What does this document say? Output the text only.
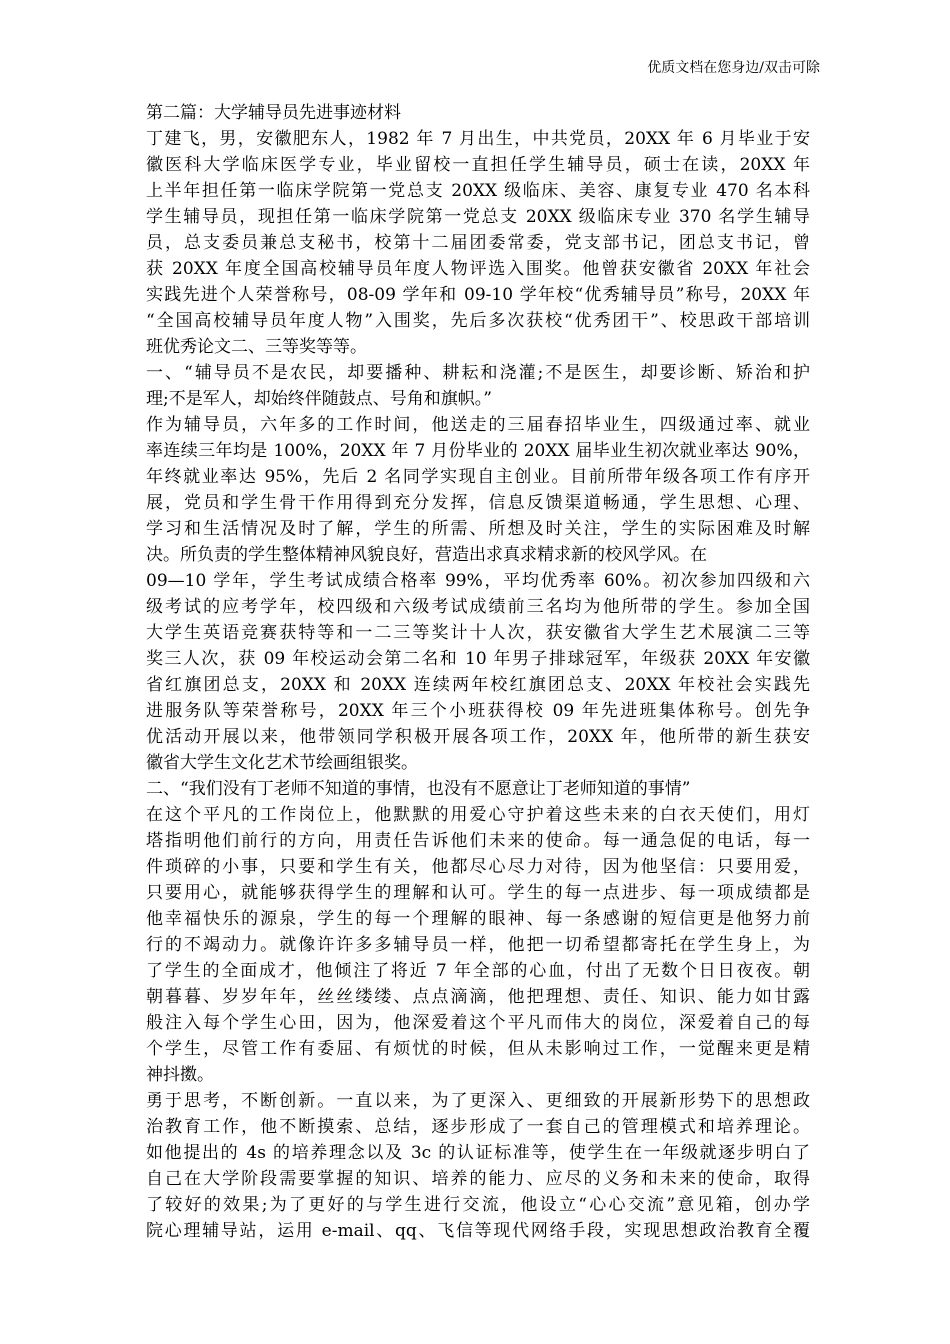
优质文档在您身边/双击可除
第二篇：大学辅导员先进事迹材料
丁建飞，男，安徽肥东人，1982 年 7 月出生，中共党员，20XX 年 6 月毕业于安
徽医科大学临床医学专业，毕业留校一直担任学生辅导员，硕士在读，20XX 年
上半年担任第一临床学院第一党总支 20XX 级临床、美容、康复专业 470 名本科
学生辅导员，现担任第一临床学院第一党总支 20XX 级临床专业 370 名学生辅导
员，总支委员兼总支秘书，校第十二届团委常委，党支部书记，团总支书记，曾
获 20XX 年度全国高校辅导员年度人物评选入围奖。他曾获安徽省 20XX 年社会
实践先进个人荣誉称号，08-09 学年和 09-10 学年校“优秀辅导员”称号，20XX 年
“全国高校辅导员年度人物”入围奖，先后多次获校“优秀团干”、校思政干部培训
班优秀论文二、三等奖等等。
一、“辅导员不是农民，却要播种、耕耘和浇灌;不是医生，却要诊断、矫治和护
理;不是军人，却始终伴随鼓点、号角和旗帜。”
作为辅导员，六年多的工作时间，他送走的三届春招毕业生，四级通过率、就业
率连续三年均是 100%，20XX 年 7 月份毕业的 20XX 届毕业生初次就业率达 90%，
年终就业率达 95%，先后 2 名同学实现自主创业。目前所带年级各项工作有序开
展，党员和学生骨干作用得到充分发挥，信息反馈渠道畅通，学生思想、心理、
学习和生活情况及时了解，学生的所需、所想及时关注，学生的实际困难及时解
决。所负责的学生整体精神风貌良好，营造出求真求精求新的校风学风。在
09—10 学年，学生考试成绩合格率 99%，平均优秀率 60%。初次参加四级和六
级考试的应考学年，校四级和六级考试成绩前三名均为他所带的学生。参加全国
大学生英语竞赛获特等和一二三等奖计十人次，获安徽省大学生艺术展演二三等
奖三人次，获 09 年校运动会第二名和 10 年男子排球冠军，年级获 20XX 年安徽
省红旗团总支，20XX 和 20XX 连续两年校红旗团总支、20XX 年校社会实践先
进服务队等荣誉称号，20XX 年三个小班获得校 09 年先进班集体称号。创先争
优活动开展以来，他带领同学积极开展各项工作，20XX 年，他所带的新生获安
徽省大学生文化艺术节绘画组银奖。
二、“我们没有丁老师不知道的事情，也没有不愿意让丁老师知道的事情”
在这个平凡的工作岗位上，他默默的用爱心守护着这些未来的白衣天使们，用灯
塔指明他们前行的方向，用责任告诉他们未来的使命。每一通急促的电话，每一
件琐碎的小事，只要和学生有关，他都尽心尽力对待，因为他坚信：只要用爱，
只要用心，就能够获得学生的理解和认可。学生的每一点进步、每一项成绩都是
他幸福快乐的源泉，学生的每一个理解的眼神、每一条感谢的短信更是他努力前
行的不竭动力。就像许许多多辅导员一样，他把一切希望都寄托在学生身上，为
了学生的全面成才，他倾注了将近 7 年全部的心血，付出了无数个日日夜夜。朝
朝暮暮、岁岁年年，丝丝缕缕、点点滴滴，他把理想、责任、知识、能力如甘露
般注入每个学生心田，因为，他深爱着这个平凡而伟大的岗位，深爱着自己的每
个学生，尽管工作有委屈、有烦忧的时候，但从未影响过工作，一觉醒来更是精
神抖擞。
勇于思考，不断创新。一直以来，为了更深入、更细致的开展新形势下的思想政
治教育工作，他不断摸索、总结，逐步形成了一套自己的管理模式和培养理论。
如他提出的 4s 的培养理念以及 3c 的认证标准等，使学生在一年级就逐步明白了
自己在大学阶段需要掌握的知识、培养的能力、应尽的义务和未来的使命，取得
了较好的效果;为了更好的与学生进行交流，他设立“心心交流”意见箱，创办学
院心理辅导站，运用 e-mail、qq、飞信等现代网络手段，实现思想政治教育全覆
